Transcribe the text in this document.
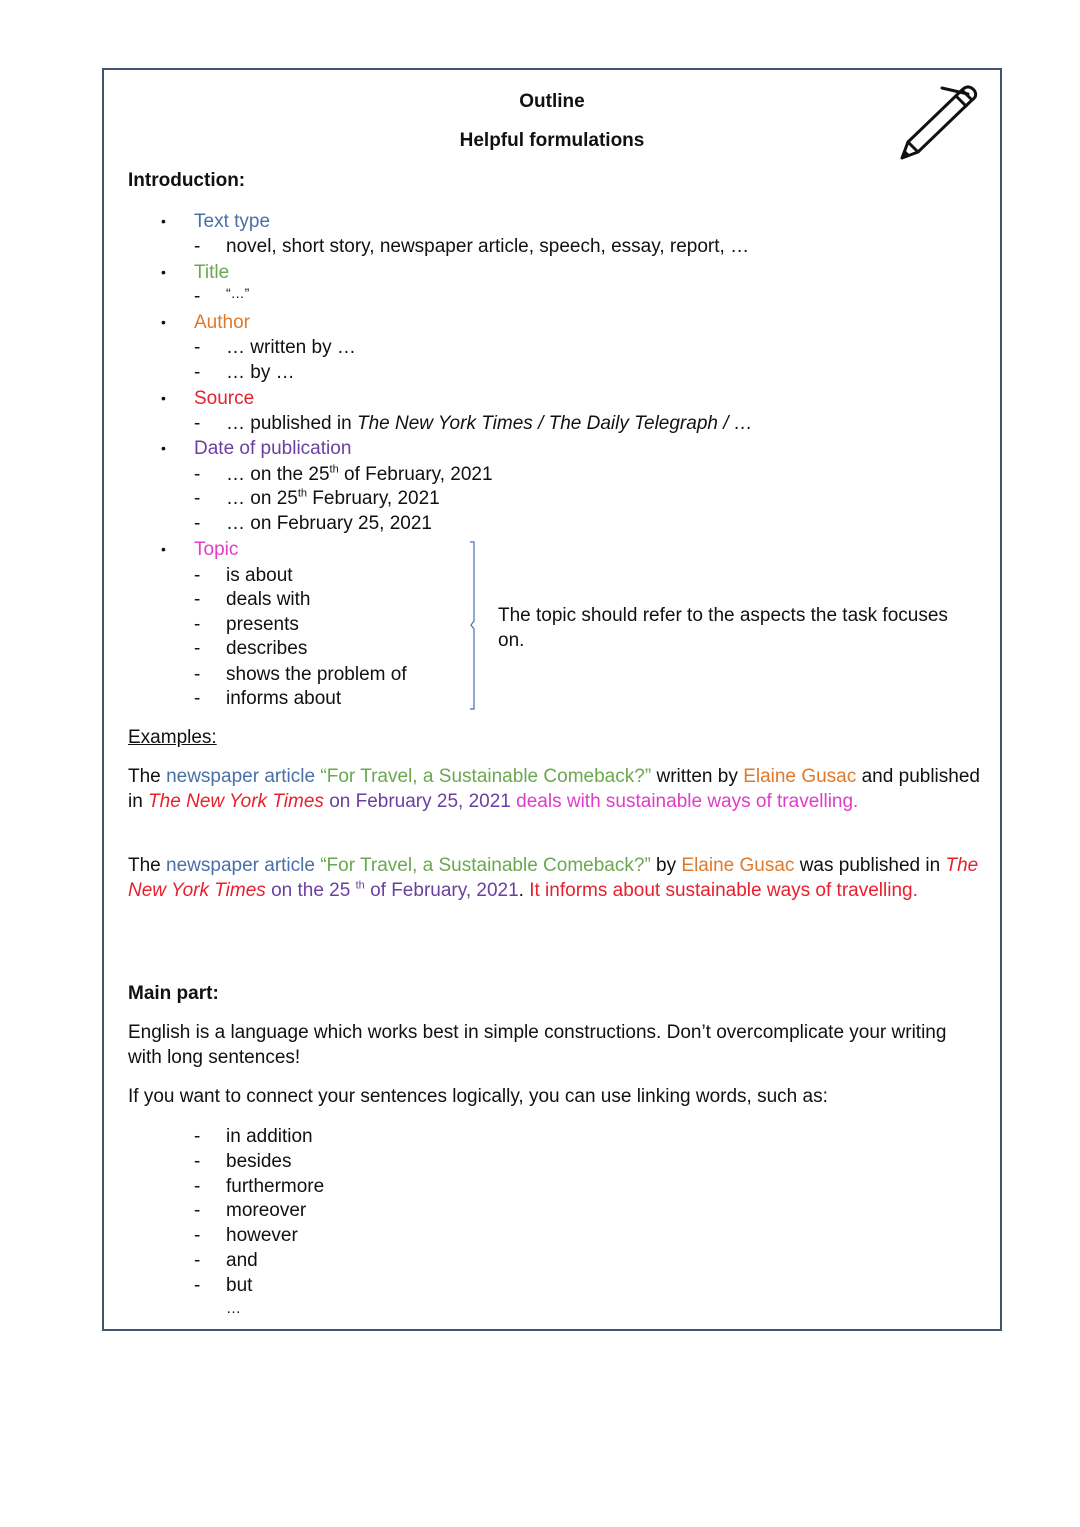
Outline
Helpful formulations
Introduction:
• Text type
- novel, short story, newspaper article, speech, essay, report, …
• Title
- “…”
• Author
- … written by …
- … by …
• Source
- … published in The New York Times / The Daily Telegraph / …
• Date of publication
- … on the 25th of February, 2021
- … on 25th February, 2021
- … on February 25, 2021
• Topic
- is about
- deals with
- presents
- describes
- shows the problem of
- informs about
The topic should refer to the aspects the task focuses on.
Examples:
The newspaper article “For Travel, a Sustainable Comeback?” written by Elaine Gusac and published in The New York Times on February 25, 2021 deals with sustainable ways of travelling.
The newspaper article “For Travel, a Sustainable Comeback?” by Elaine Gusac was published in The New York Times on the 25 $^{th}$ of February, 2021. It informs about sustainable ways of travelling.
Main part:
English is a language which works best in simple constructions. Don’t overcomplicate your writing with long sentences!
If you want to connect your sentences logically, you can use linking words, such as:
- in addition
- besides
- furthermore
- moreover
- however
- and
- but
…
